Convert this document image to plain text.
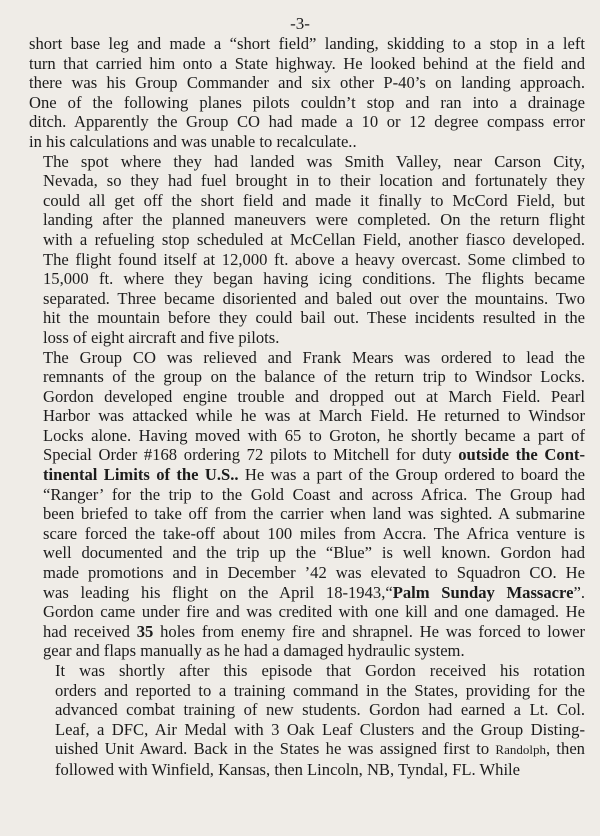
-3-

short base leg and made a “short field” landing, skidding to a stop in a left
turn that carried him onto a State highway. He looked behind at the field and
there was his Group Commander and six other P-40’s on landing approach.
One of the following planes pilots couldn’t stop and ran into a drainage
ditch. Apparently the Group CO had made a 10 or 12 degree compass error
in his calculations and was unable to recalculate..

The spot where they had landed was Smith Valley, near Carson City,
Nevada, so they had fuel brought in to their location and fortunately they
could all get off the short field and made it finally to McCord Field, but
landing after the planned maneuvers were completed. On the return flight
with a refueling stop scheduled at McCellan Field, another fiasco developed.
The flight found itself at 12,000 ft. above a heavy overcast. Some climbed to
15,000 ft. where they began having icing conditions. The flights became
separated. Three became disoriented and baled out over the mountains. Two
hit the mountain before they could bail out. These incidents resulted in the
loss of eight aircraft and five pilots.

The Group CO was relieved and Frank Mears was ordered to lead the
remnants of the group on the balance of the return trip to Windsor Locks.
Gordon developed engine trouble and dropped out at March Field. Pearl
Harbor was attacked while he was at March Field. He returned to Windsor
Locks alone. Having moved with 65 to Groton, he shortly became a part of
Special Order #168 ordering 72 pilots to Mitchell for duty outside the Cont-
tinental Limits of the U.S.. He was a part of the Group ordered to board the
“Ranger’ for the trip to the Gold Coast and across Africa. The Group had
been briefed to take off from the carrier when land was sighted. A submarine
scare forced the take-off about 100 miles from Accra. The Africa venture is
well documented and the trip up the “Blue” is well known. Gordon had
made promotions and in December ’42 was elevated to Squadron CO. He
was leading his flight on the April 18-1943,“Palm Sunday Massacre”.
Gordon came under fire and was credited with one kill and one damaged. He
had received 35 holes from enemy fire and shrapnel. He was forced to lower
gear and flaps manually as he had a damaged hydraulic system.

It was shortly after this episode that Gordon received his rotation
orders and reported to a training command in the States, providing for the
advanced combat training of new students. Gordon had earned a Lt. Col.
Leaf, a DFC, Air Medal with 3 Oak Leaf Clusters and the Group Disting-
uished Unit Award. Back in the States he was assigned first to Randolph, then
followed with Winfield, Kansas, then Lincoln, NB, Tyndal, FL. While
